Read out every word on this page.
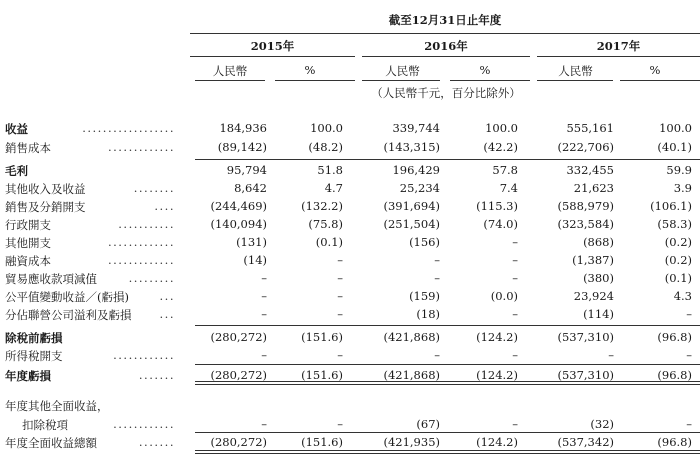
截至12月31日止年度
2015年	2016年	2017年
人民幣	%	人民幣	%	人民幣	%
（人民幣千元，百分比除外）
收益	..................	184,936	100.0	339,744	100.0	555,161	100.0
銷售成本	.............	(89,142)	(48.2)	(143,315)	(42.2)	(222,706)	(40.1)
毛利	95,794	51.8	196,429	57.8	332,455	59.9
其他收入及收益	........	8,642	4.7	25,234	7.4	21,623	3.9
銷售及分銷開支	....	(244,469)	(132.2)	(391,694)	(115.3)	(588,979)	(106.1)
行政開支	...........	(140,094)	(75.8)	(251,504)	(74.0)	(323,584)	(58.3)
其他開支	.............	(131)	(0.1)	(156)	–	(868)	(0.2)
融資成本	.............	(14)	–	–	–	(1,387)	(0.2)
貿易應收款項減值	.........	–	–	–	–	(380)	(0.1)
公平值變動收益／(虧損)	...	–	–	(159)	(0.0)	23,924	4.3
分佔聯營公司溢利及虧損	...	–	–	(18)	–	(114)	–
除稅前虧損	(280,272)	(151.6)	(421,868)	(124.2)	(537,310)	(96.8)
所得稅開支	............	–	–	–	–	–	–
年度虧損	.......	(280,272)	(151.6)	(421,868)	(124.2)	(537,310)	(96.8)
年度其他全面收益，
扣除稅項	............	–	–	(67)	–	(32)	–
年度全面收益總額	.......	(280,272)	(151.6)	(421,935)	(124.2)	(537,342)	(96.8)
